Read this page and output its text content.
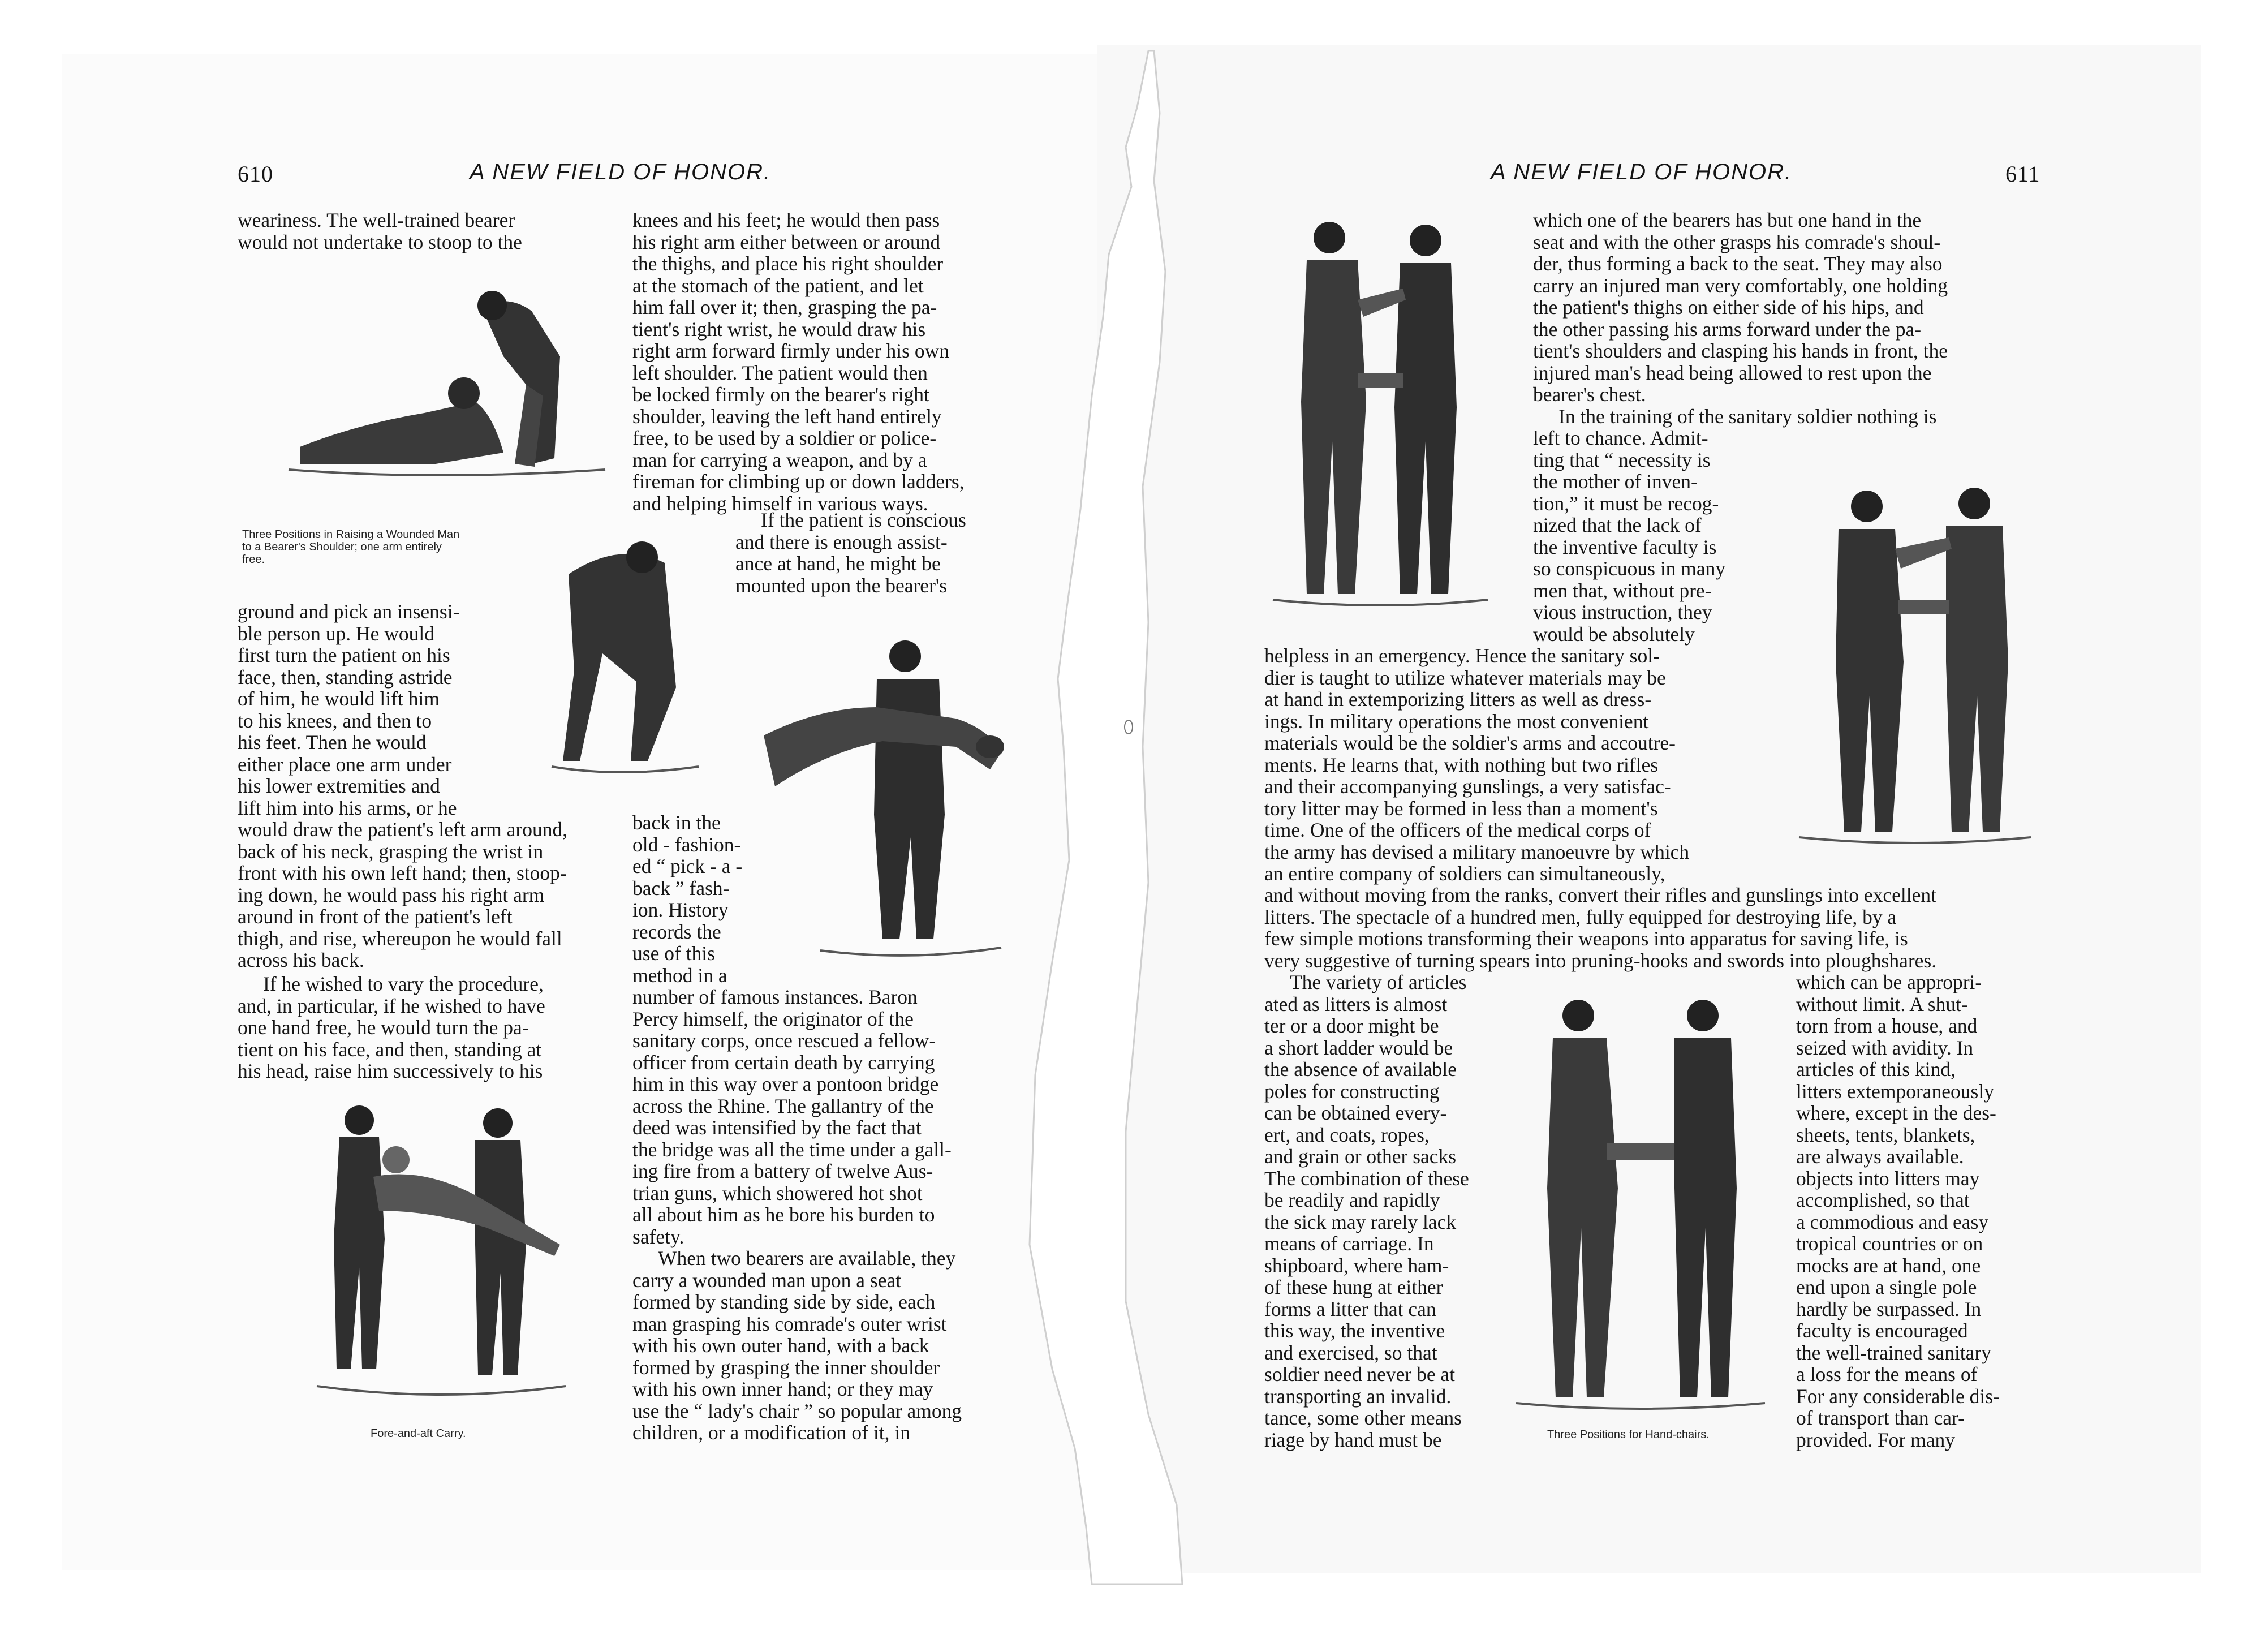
610	A NEW FIELD OF HONOR.
weariness. The well-trained bearer
would not undertake to stoop to the
Three Positions in Raising a Wounded Man
to a Bearer's Shoulder; one arm entirely
free.
ground and pick an insensi-
ble person up. He would
first turn the patient on his
face, then, standing astride
of him, he would lift him
to his knees, and then to
his feet. Then he would
either place one arm under
his lower extremities and
lift him into his arms, or he
would draw the patient's left arm around,
back of his neck, grasping the wrist in
front with his own left hand; then, stoop-
ing down, he would pass his right arm
around in front of the patient's left
thigh, and rise, whereupon he would fall
across his back.
If he wished to vary the procedure,
and, in particular, if he wished to have
one hand free, he would turn the pa-
tient on his face, and then, standing at
his head, raise him successively to his
Fore-and-aft Carry.
knees and his feet; he would then pass
his right arm either between or around
the thighs, and place his right shoulder
at the stomach of the patient, and let
him fall over it; then, grasping the pa-
tient's right wrist, he would draw his
right arm forward firmly under his own
left shoulder. The patient would then
be locked firmly on the bearer's right
shoulder, leaving the left hand entirely
free, to be used by a soldier or police-
man for carrying a weapon, and by a
fireman for climbing up or down ladders,
and helping himself in various ways.
If the patient is conscious
and there is enough assist-
ance at hand, he might be
mounted upon the bearer's
back in the
old - fashion-
ed “ pick - a -
back ” fash-
ion. History
records the
use of this
method in a
number of famous instances. Baron
Percy himself, the originator of the
sanitary corps, once rescued a fellow-
officer from certain death by carrying
him in this way over a pontoon bridge
across the Rhine. The gallantry of the
deed was intensified by the fact that
the bridge was all the time under a gall-
ing fire from a battery of twelve Aus-
trian guns, which showered hot shot
all about him as he bore his burden to
safety.
When two bearers are available, they
carry a wounded man upon a seat
formed by standing side by side, each
man grasping his comrade's outer wrist
with his own outer hand, with a back
formed by grasping the inner shoulder
with his own inner hand; or they may
use the “ lady's chair ” so popular among
children, or a modification of it, in
A NEW FIELD OF HONOR.	611
which one of the bearers has but one hand in the
seat and with the other grasps his comrade's shoul-
der, thus forming a back to the seat. They may also
carry an injured man very comfortably, one holding
the patient's thighs on either side of his hips, and
the other passing his arms forward under the pa-
tient's shoulders and clasping his hands in front, the
injured man's head being allowed to rest upon the
bearer's chest.
In the training of the sanitary soldier nothing is
left to chance. Admit-
ting that “ necessity is
the mother of inven-
tion,” it must be recog-
nized that the lack of
the inventive faculty is
so conspicuous in many
men that, without pre-
vious instruction, they
would be absolutely
helpless in an emergency. Hence the sanitary sol-
dier is taught to utilize whatever materials may be
at hand in extemporizing litters as well as dress-
ings. In military operations the most convenient
materials would be the soldier's arms and accoutre-
ments. He learns that, with nothing but two rifles
and their accompanying gunslings, a very satisfac-
tory litter may be formed in less than a moment's
time. One of the officers of the medical corps of
the army has devised a military manoeuvre by which
an entire company of soldiers can simultaneously,
and without moving from the ranks, convert their rifles and gunslings into excellent
litters. The spectacle of a hundred men, fully equipped for destroying life, by a
few simple motions transforming their weapons into apparatus for saving life, is
very suggestive of turning spears into pruning-hooks and swords into ploughshares.
The variety of articles
ated as litters is almost
ter or a door might be
a short ladder would be
the absence of available
poles for constructing
can be obtained every-
ert, and coats, ropes,
and grain or other sacks
The combination of these
be readily and rapidly
the sick may rarely lack
means of carriage. In
shipboard, where ham-
of these hung at either
forms a litter that can
this way, the inventive
and exercised, so that
soldier need never be at
transporting an invalid.
tance, some other means
riage by hand must be
which can be appropri-
without limit. A shut-
torn from a house, and
seized with avidity. In
articles of this kind,
litters extemporaneously
where, except in the des-
sheets, tents, blankets,
are always available.
objects into litters may
accomplished, so that
a commodious and easy
tropical countries or on
mocks are at hand, one
end upon a single pole
hardly be surpassed. In
faculty is encouraged
the well-trained sanitary
a loss for the means of
For any considerable dis-
of transport than car-
provided. For many
Three Positions for Hand-chairs.
